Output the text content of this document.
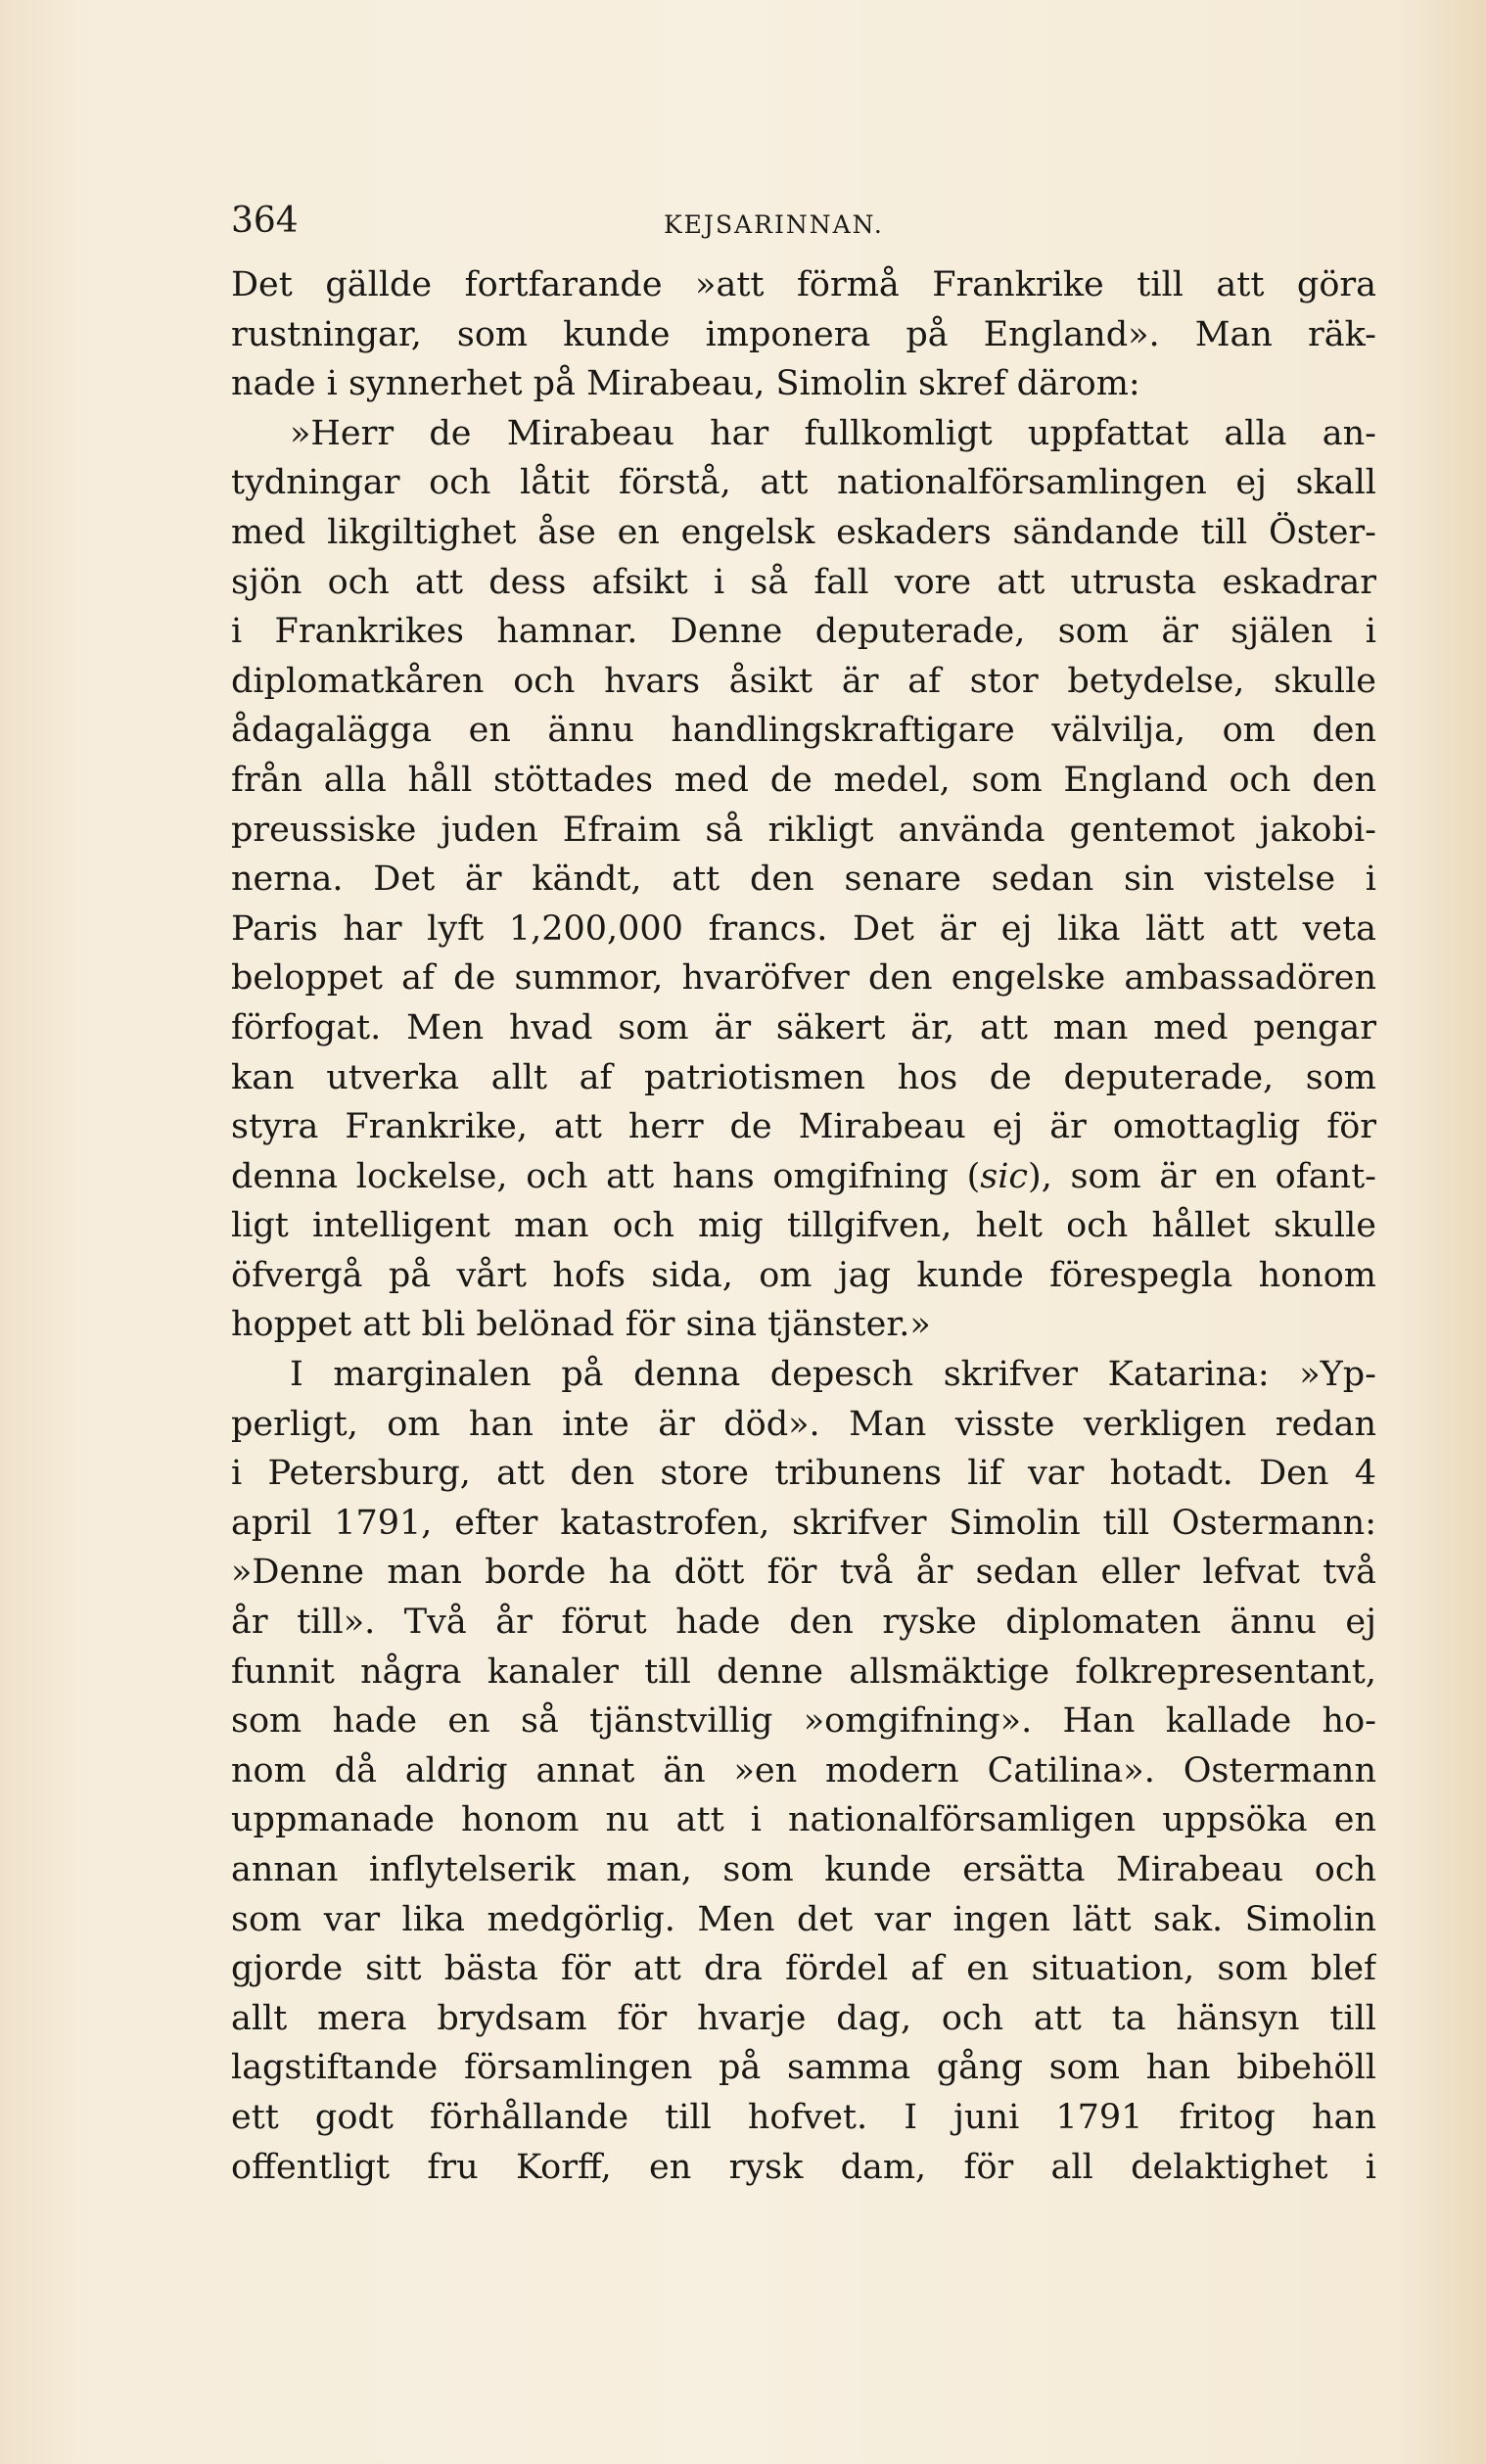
364	KEJSARINNAN.
Det gällde fortfarande »att förmå Frankrike till att göra
rustningar, som kunde imponera på England». Man räk-
nade i synnerhet på Mirabeau, Simolin skref därom:
»Herr de Mirabeau har fullkomligt uppfattat alla an-
tydningar och låtit förstå, att nationalförsamlingen ej skall
med likgiltighet åse en engelsk eskaders sändande till Öster-
sjön och att dess afsikt i så fall vore att utrusta eskadrar
i Frankrikes hamnar. Denne deputerade, som är själen i
diplomatkåren och hvars åsikt är af stor betydelse, skulle
ådagalägga en ännu handlingskraftigare välvilja, om den
från alla håll stöttades med de medel, som England och den
preussiske juden Efraim så rikligt använda gentemot jakobi-
nerna. Det är kändt, att den senare sedan sin vistelse i
Paris har lyft 1,200,000 francs. Det är ej lika lätt att veta
beloppet af de summor, hvaröfver den engelske ambassadören
förfogat. Men hvad som är säkert är, att man med pengar
kan utverka allt af patriotismen hos de deputerade, som
styra Frankrike, att herr de Mirabeau ej är omottaglig för
denna lockelse, och att hans omgifning (sic), som är en ofant-
ligt intelligent man och mig tillgifven, helt och hållet skulle
öfvergå på vårt hofs sida, om jag kunde förespegla honom
hoppet att bli belönad för sina tjänster.»
I marginalen på denna depesch skrifver Katarina: »Yp-
perligt, om han inte är död». Man visste verkligen redan
i Petersburg, att den store tribunens lif var hotadt. Den 4
april 1791, efter katastrofen, skrifver Simolin till Ostermann:
»Denne man borde ha dött för två år sedan eller lefvat två
år till». Två år förut hade den ryske diplomaten ännu ej
funnit några kanaler till denne allsmäktige folkrepresentant,
som hade en så tjänstvillig »omgifning». Han kallade ho-
nom då aldrig annat än »en modern Catilina». Ostermann
uppmanade honom nu att i nationalförsamligen uppsöka en
annan inflytelserik man, som kunde ersätta Mirabeau och
som var lika medgörlig. Men det var ingen lätt sak. Simolin
gjorde sitt bästa för att dra fördel af en situation, som blef
allt mera brydsam för hvarje dag, och att ta hänsyn till
lagstiftande församlingen på samma gång som han bibehöll
ett godt förhållande till hofvet. I juni 1791 fritog han
offentligt fru Korff, en rysk dam, för all delaktighet i
